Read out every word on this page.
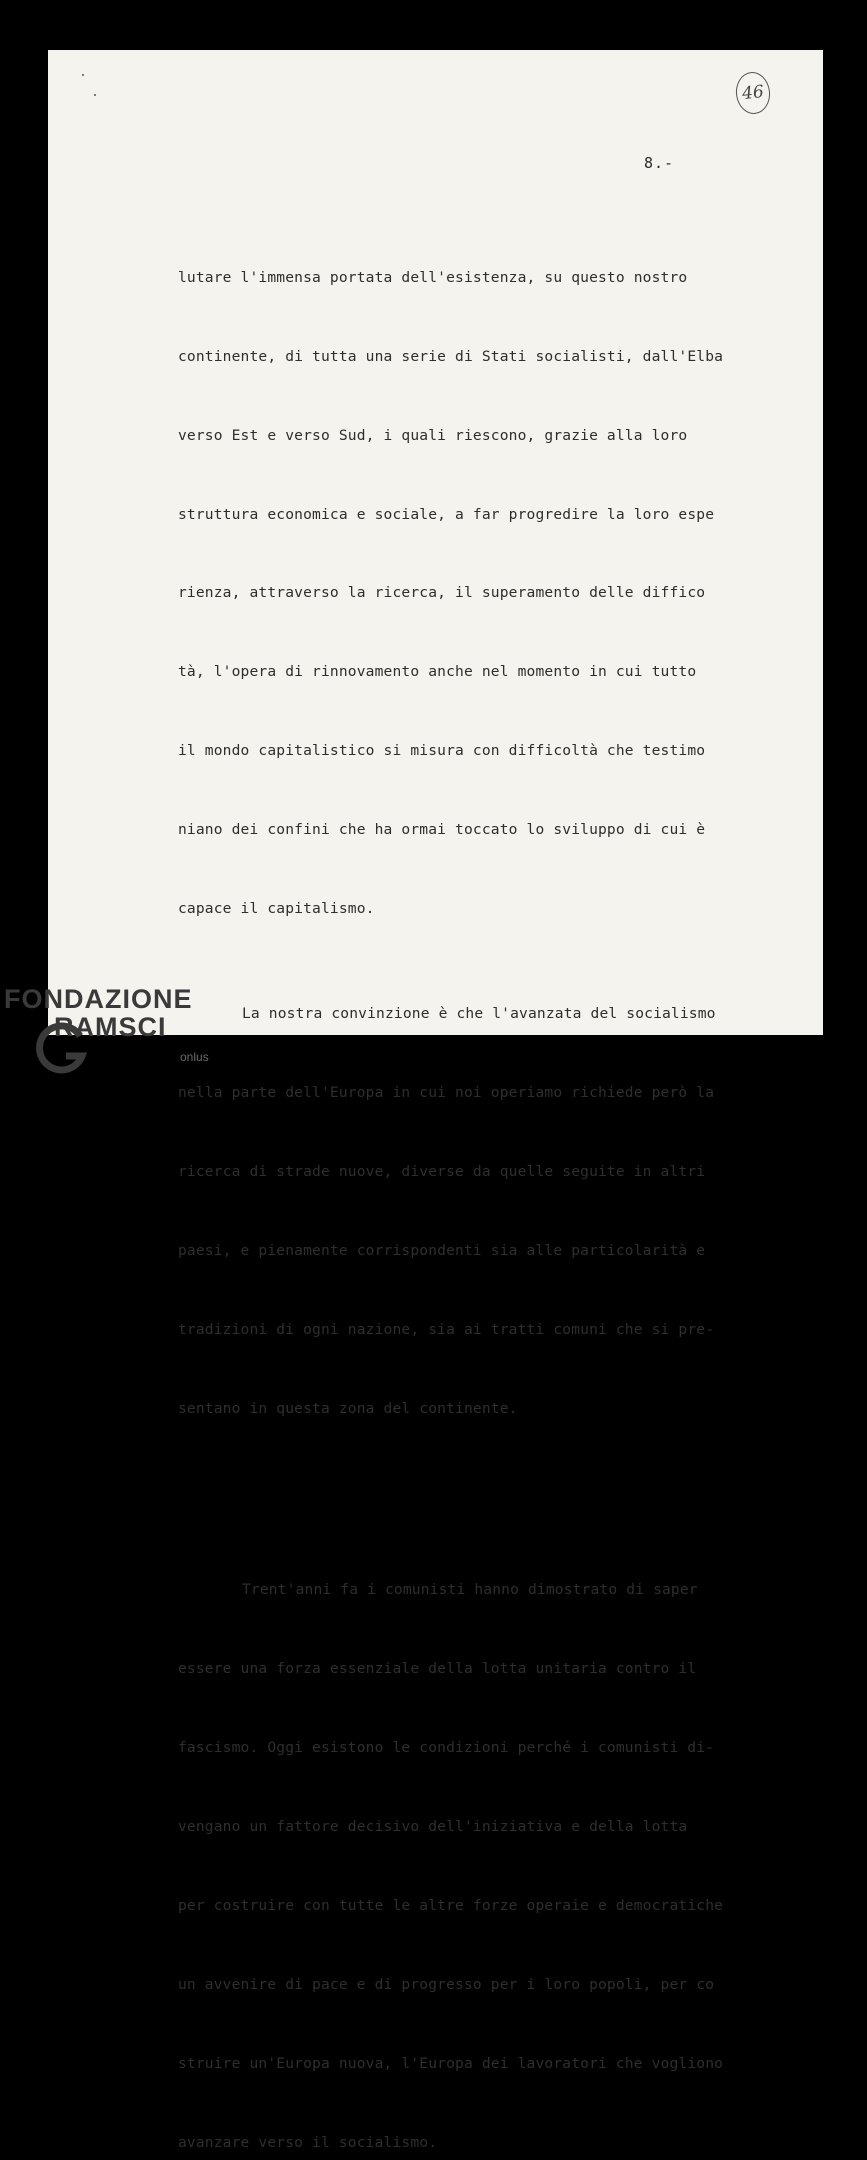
46
8.-

lutare l'immensa portata dell'esistenza, su questo nostro

continente, di tutta una serie di Stati socialisti, dall'Elba

verso Est e verso Sud, i quali riescono, grazie alla loro

struttura economica e sociale, a far progredire la loro espe

rienza, attraverso la ricerca, il superamento delle diffico

tà, l'opera di rinnovamento anche nel momento in cui tutto

il mondo capitalistico si misura con difficoltà che testimo

niano dei confini che ha ormai toccato lo sviluppo di cui è

capace il capitalismo.

La nostra convinzione è che l'avanzata del socialismo

nella parte dell'Europa in cui noi operiamo richiede però la

ricerca di strade nuove, diverse da quelle seguite in altri

paesi, e pienamente corrispondenti sia alle particolarità e

tradizioni di ogni nazione, sia ai tratti comuni che si pre-

sentano in questa zona del continente.

Trent'anni fa i comunisti hanno dimostrato di saper

essere una forza essenziale della lotta unitaria contro il

fascismo. Oggi esistono le condizioni perché i comunisti di-

vengano un fattore decisivo dell'iniziativa e della lotta

per costruire con tutte le altre forze operaie e democratiche

un avvenire di pace e di progresso per i loro popoli, per co

struire un'Europa nuova, l'Europa dei lavoratori che vogliono

avanzare verso il socialismo.

FONDAZIONE
RAMSCI
onlus
